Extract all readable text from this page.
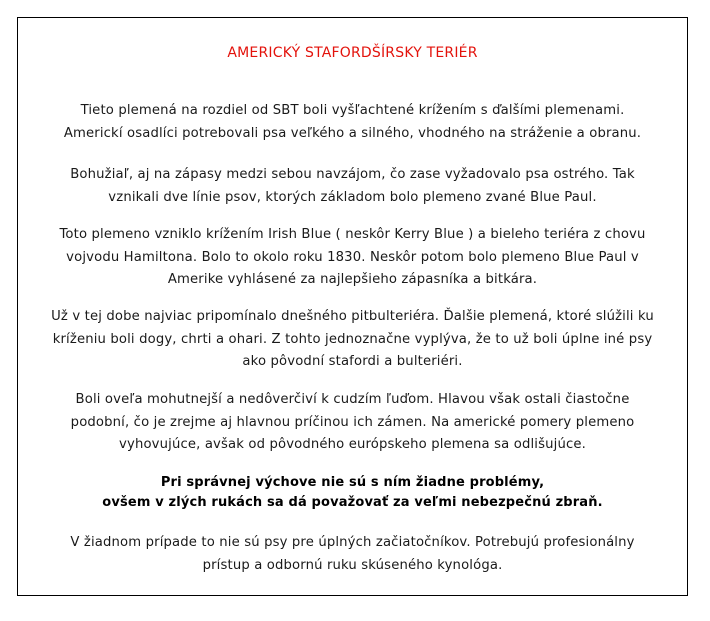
AMERICKÝ STAFORDŠÍRSKY TERIÉR
Tieto plemená na rozdiel od SBT boli vyšľachtené krížením s ďalšími plemenami.
Americkí osadlíci potrebovali psa veľkého a silného, vhodného na stráženie a obranu.
Bohužiaľ, aj na zápasy medzi sebou navzájom, čo zase vyžadovalo psa ostrého. Tak
vznikali dve línie psov, ktorých základom bolo plemeno zvané Blue Paul.
Toto plemeno vzniklo krížením Irish Blue ( neskôr Kerry Blue ) a bieleho teriéra z chovu
vojvodu Hamiltona. Bolo to okolo roku 1830. Neskôr potom bolo plemeno Blue Paul v
Amerike vyhlásené za najlepšieho zápasníka a bitkára.
Už v tej dobe najviac pripomínalo dnešného pitbulteriéra. Ďalšie plemená, ktoré slúžili ku
kríženiu boli dogy, chrti a ohari. Z tohto jednoznačne vyplýva, že to už boli úplne iné psy
ako pôvodní stafordi a bulteriéri.
Boli oveľa mohutnejší a nedôverčiví k cudzím ľuďom. Hlavou však ostali čiastočne
podobní, čo je zrejme aj hlavnou príčinou ich zámen. Na americké pomery plemeno
vyhovujúce, avšak od pôvodného európskeho plemena sa odlišujúce.
Pri správnej výchove nie sú s ním žiadne problémy,
ovšem v zlých rukách sa dá považovať za veľmi nebezpečnú zbraň.
V žiadnom prípade to nie sú psy pre úplných začiatočníkov. Potrebujú profesionálny
prístup a odbornú ruku skúseného kynológa.
